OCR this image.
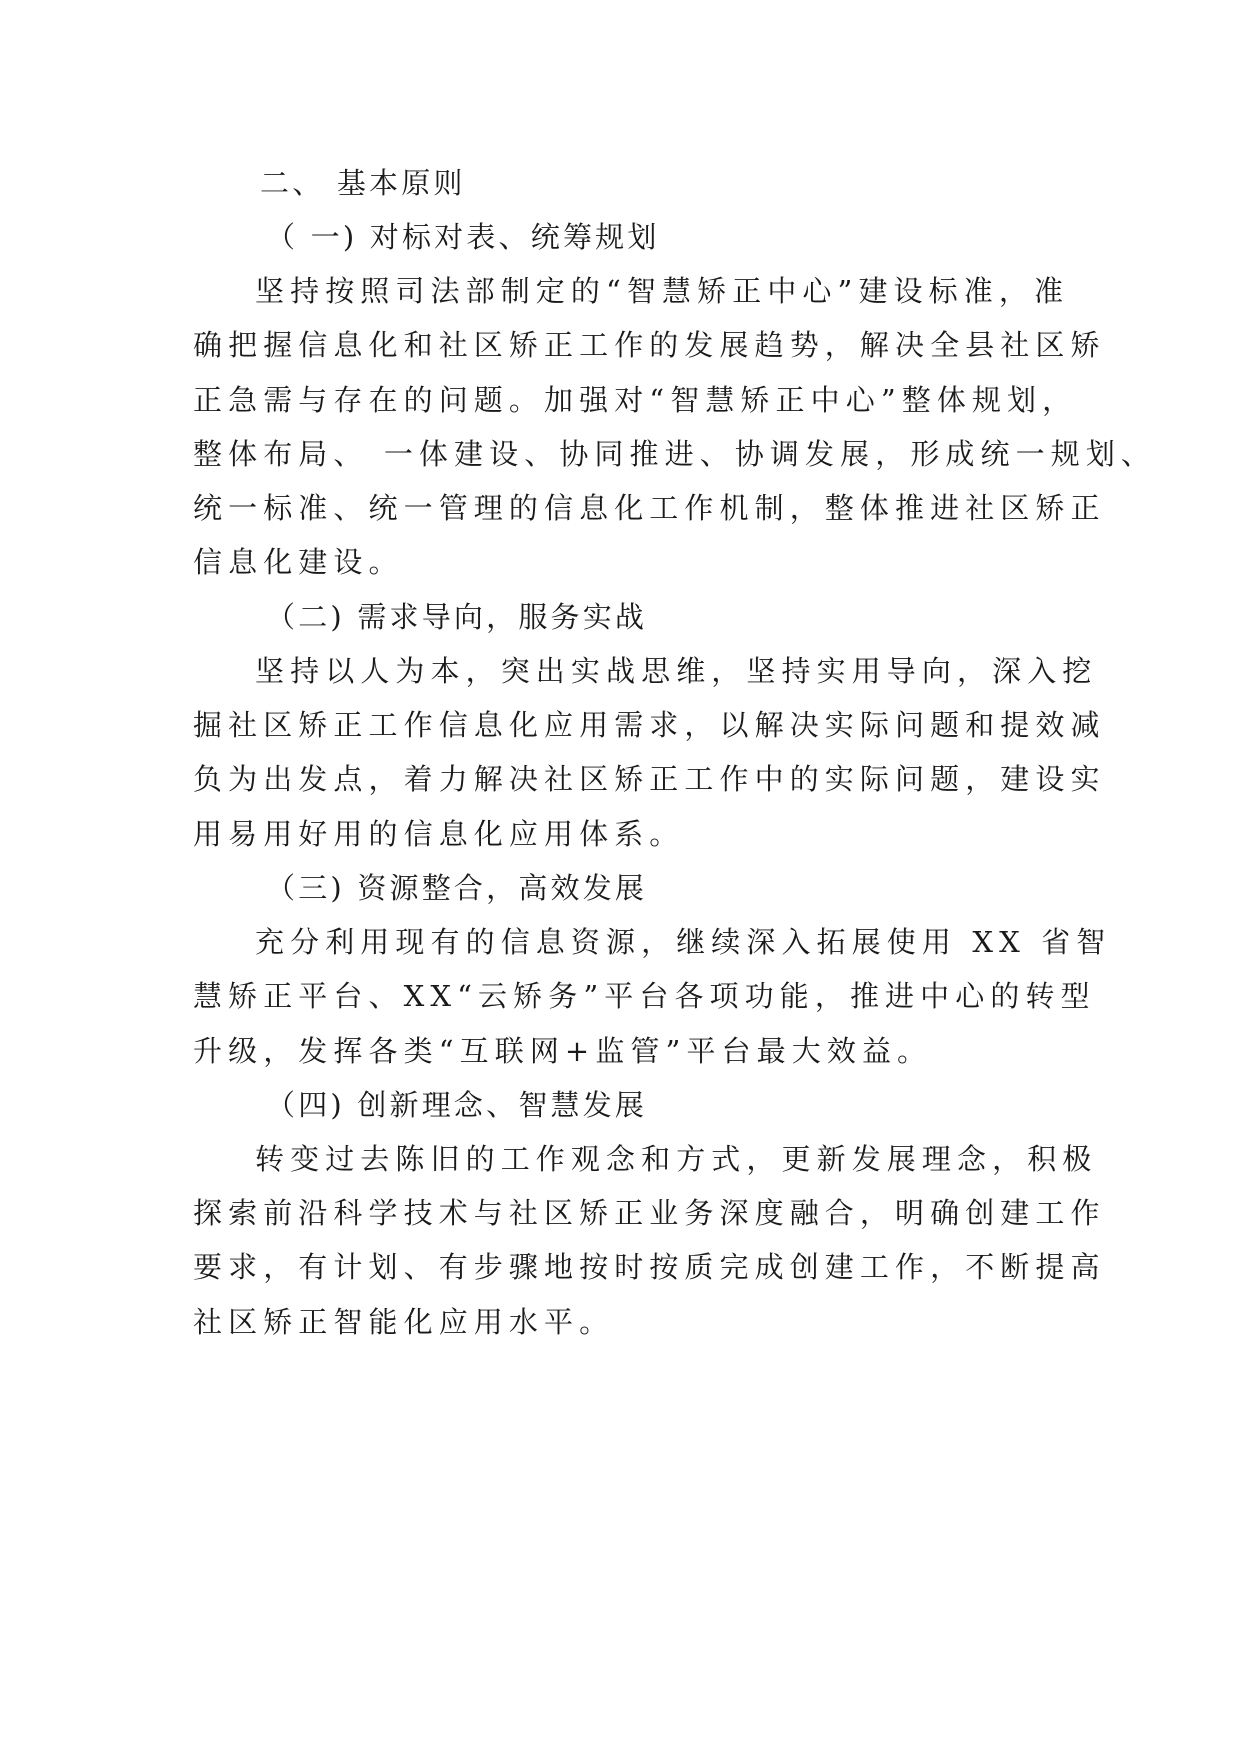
二、 基本原则
（ 一) 对标对表、统筹规划
坚持按照司法部制定的“智慧矫正中心”建设标准，准
确把握信息化和社区矫正工作的发展趋势，解决全县社区矫
正急需与存在的问题。加强对“智慧矫正中心”整体规划，
整体布局、 一体建设、协同推进、协调发展，形成统一规划、
统一标准、统一管理的信息化工作机制，整体推进社区矫正
信息化建设。
（二) 需求导向，服务实战
坚持以人为本，突出实战思维，坚持实用导向，深入挖
掘社区矫正工作信息化应用需求，以解决实际问题和提效减
负为出发点，着力解决社区矫正工作中的实际问题，建设实
用易用好用的信息化应用体系。
（三) 资源整合，高效发展
充分利用现有的信息资源，继续深入拓展使用 XX 省智
慧矫正平台、XX“云矫务”平台各项功能，推进中心的转型
升级，发挥各类“互联网+监管”平台最大效益。
（四) 创新理念、智慧发展
转变过去陈旧的工作观念和方式，更新发展理念，积极
探索前沿科学技术与社区矫正业务深度融合，明确创建工作
要求，有计划、有步骤地按时按质完成创建工作，不断提高
社区矫正智能化应用水平。
